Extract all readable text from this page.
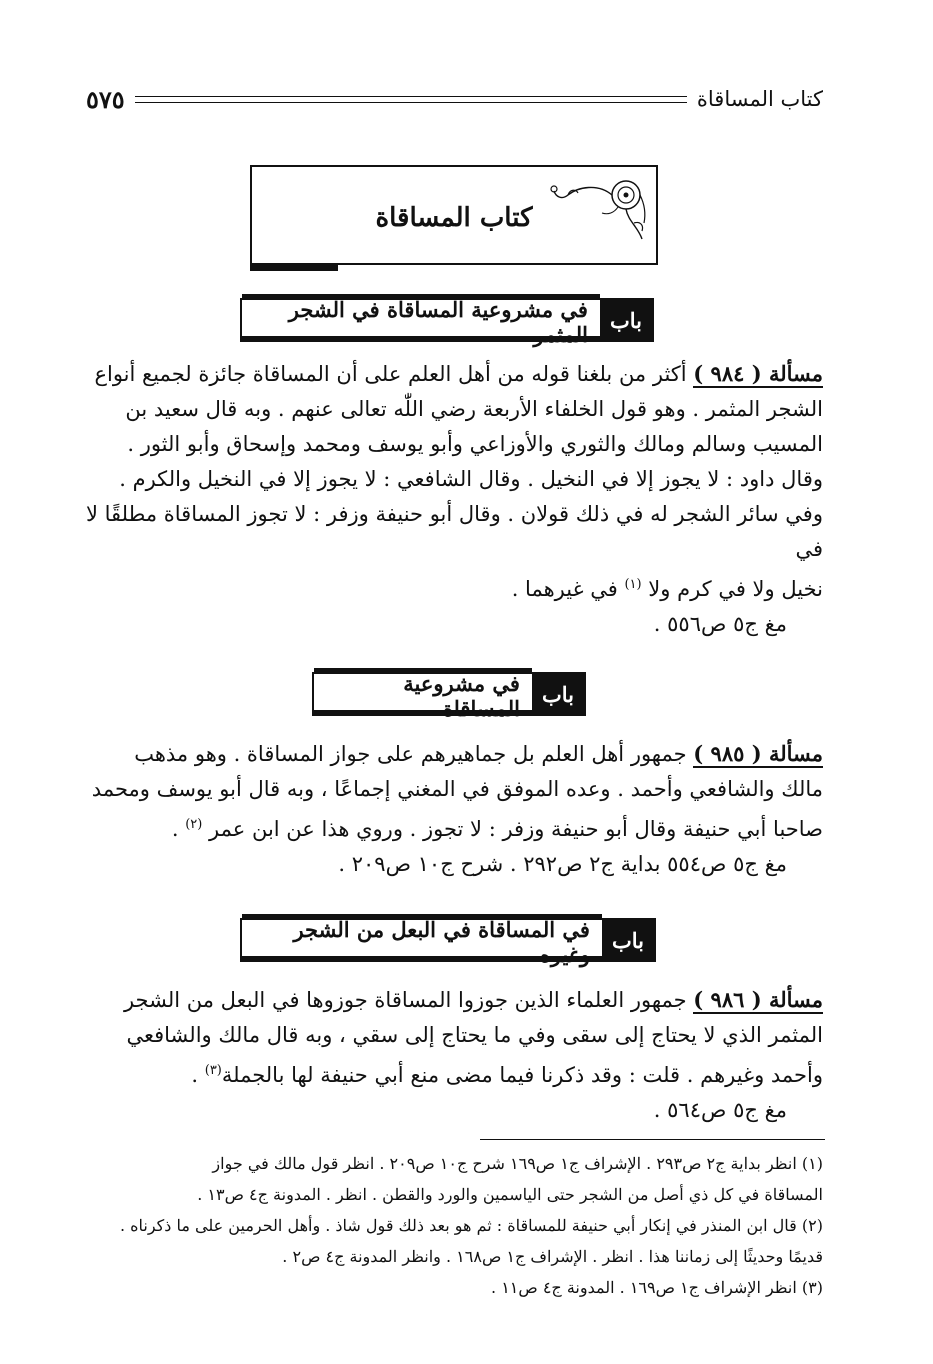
كتاب المساقاة
٥٧٥
كتاب المساقاة
باب
في مشروعية المساقاة في الشجر المثمر

مسألة ( ٩٨٤ ) أكثر من بلغنا قوله من أهل العلم على أن المساقاة جائزة لجميع أنواع

الشجر المثمر . وهو قول الخلفاء الأربعة رضي اللّٰه تعالى عنهم . وبه قال سعيد بن

المسيب وسالم ومالك والثوري والأوزاعي وأبو يوسف ومحمد وإسحاق وأبو الثور .

وقال داود : لا يجوز إلا في النخيل . وقال الشافعي : لا يجوز إلا في النخيل والكرم .

وفي سائر الشجر له في ذلك قولان . وقال أبو حنيفة وزفر : لا تجوز المساقاة مطلقًا لا في

نخيل ولا في كرم ولا $^{(١)}$ في غيرهما .

مغ ج٥ ص٥٥٦ .

باب
في مشروعية المساقاة

مسألة ( ٩٨٥ ) جمهور أهل العلم بل جماهيرهم على جواز المساقاة . وهو مذهب

مالك والشافعي وأحمد . وعده الموفق في المغني إجماعًا ، وبه قال أبو يوسف ومحمد

صاحبا أبي حنيفة وقال أبو حنيفة وزفر : لا تجوز . وروي هذا عن ابن عمر $^{(٢)}$ .

مغ ج٥ ص٥٥٤ بداية ج٢ ص٢٩٢ . شرح ج١٠ ص٢٠٩ .

باب
في المساقاة في البعل من الشجر وغيره

مسألة ( ٩٨٦ ) جمهور العلماء الذين جوزوا المساقاة جوزوها في البعل من الشجر

المثمر الذي لا يحتاج إلى سقى وفي ما يحتاج إلى سقي ، وبه قال مالك والشافعي

وأحمد وغيرهم . قلت : وقد ذكرنا فيما مضى منع أبي حنيفة لها بالجملة$^{(٣)}$ .

مغ ج٥ ص٥٦٤ .

(١) انظر بداية ج٢ ص٢٩٣ . الإشراف ج١ ص١٦٩ شرح ج١٠ ص٢٠٩ . انظر قول مالك في جواز

المساقاة في كل ذي أصل من الشجر حتى الياسمين والورد والقطن . انظر . المدونة ج٤ ص١٣ .

(٢) قال ابن المنذر في إنكار أبي حنيفة للمساقاة : ثم هو بعد ذلك قول شاذ . وأهل الحرمين على ما ذكرناه .

قديمًا وحديثًا إلى زماننا هذا . انظر . الإشراف ج١ ص١٦٨ . وانظر المدونة ج٤ ص٢ .

(٣) انظر الإشراف ج١ ص١٦٩ . المدونة ج٤ ص١١ .
